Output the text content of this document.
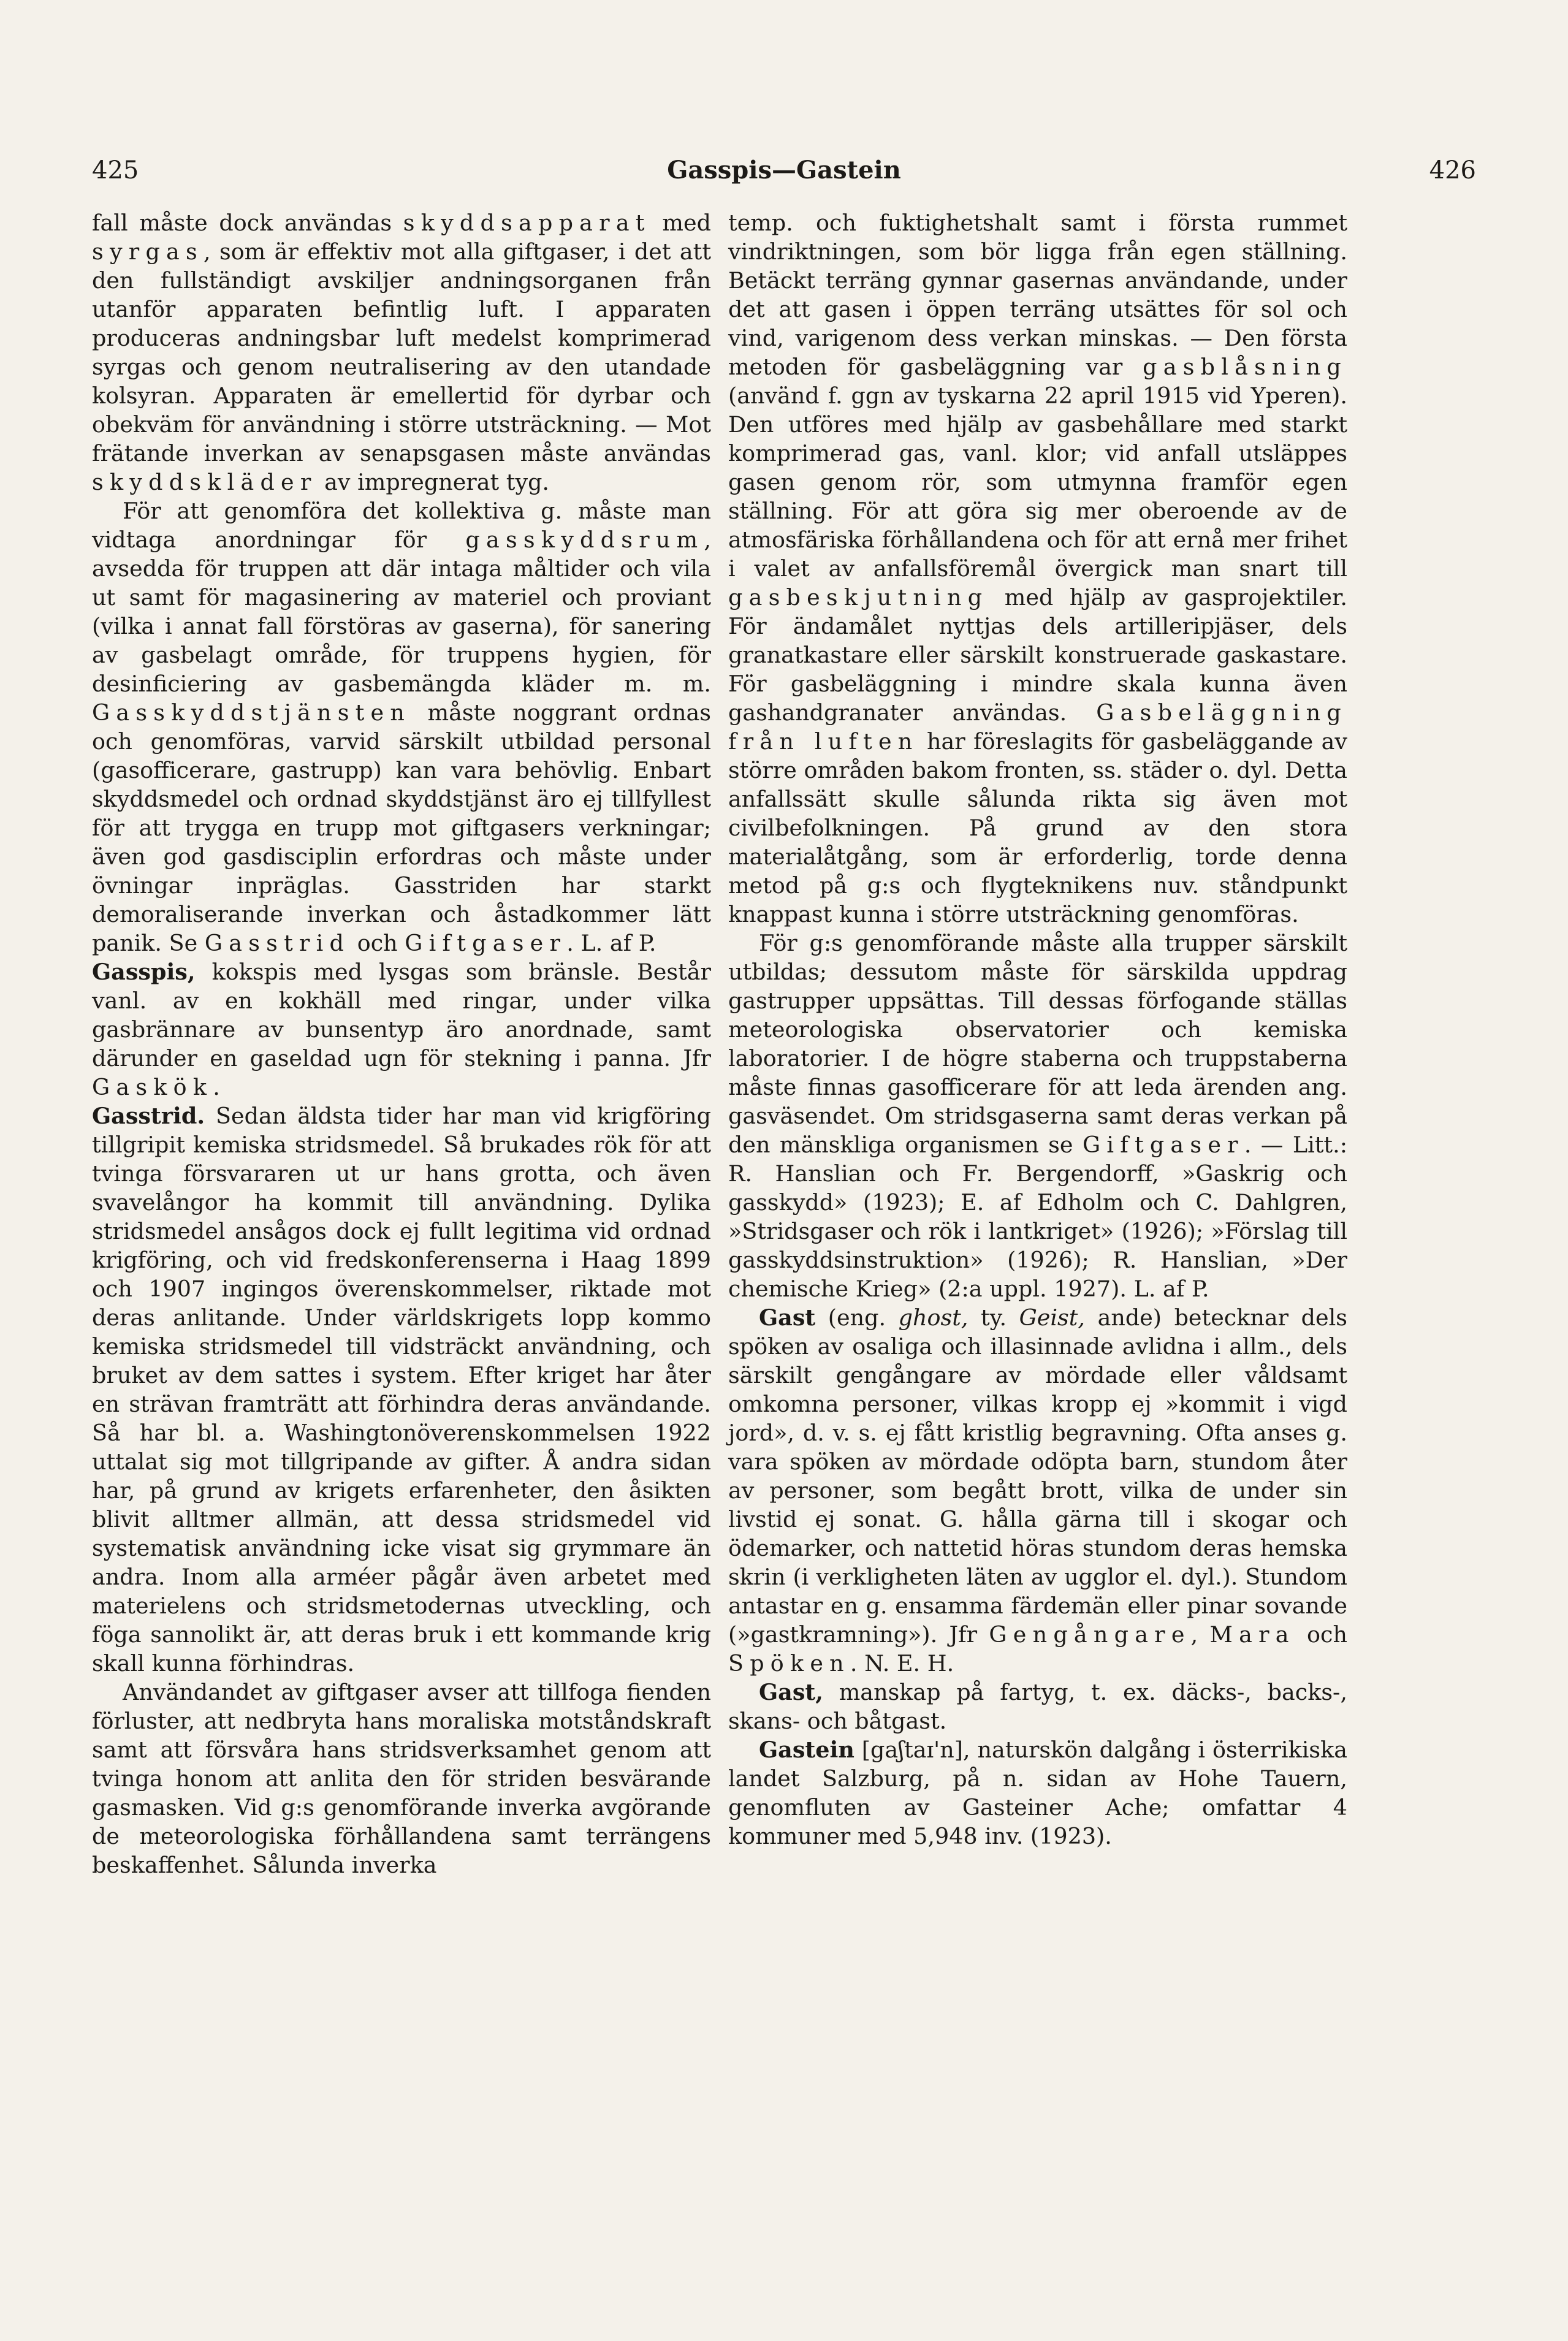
425	Gasspis—Gastein	426

fall måste dock användas skyddsapparat med syrgas, som är effektiv mot alla giftgaser, i det att den fullständigt avskiljer andningsorganen från utanför apparaten befintlig luft. I apparaten produceras andningsbar luft medelst komprimerad syrgas och genom neutralisering av den utandade kolsyran. Apparaten är emellertid för dyrbar och obekväm för användning i större utsträckning. — Mot frätande inverkan av senapsgasen måste användas skyddskläder av impregnerat tyg.

För att genomföra det kollektiva g. måste man vidtaga anordningar för gasskyddsrum, avsedda för truppen att där intaga måltider och vila ut samt för magasinering av materiel och proviant (vilka i annat fall förstöras av gaserna), för sanering av gasbelagt område, för truppens hygien, för desinficiering av gasbemängda kläder m. m. Gasskyddstjänsten måste noggrant ordnas och genomföras, varvid särskilt utbildad personal (gasofficerare, gastrupp) kan vara behövlig. Enbart skyddsmedel och ordnad skyddstjänst äro ej tillfyllest för att trygga en trupp mot giftgasers verkningar; även god gasdisciplin erfordras och måste under övningar inpräglas. Gasstriden har starkt demoraliserande inverkan och åstadkommer lätt panik. Se Gasstrid och Giftgaser. L. af P.

Gasspis, kokspis med lysgas som bränsle. Består vanl. av en kokhäll med ringar, under vilka gasbrännare av bunsentyp äro anordnade, samt därunder en gaseldad ugn för stekning i panna. Jfr Gaskök.

Gasstrid. Sedan äldsta tider har man vid krigföring tillgripit kemiska stridsmedel. Så brukades rök för att tvinga försvararen ut ur hans grotta, och även svavelångor ha kommit till användning. Dylika stridsmedel ansågos dock ej fullt legitima vid ordnad krigföring, och vid fredskonferenserna i Haag 1899 och 1907 ingingos överenskommelser, riktade mot deras anlitande. Under världskrigets lopp kommo kemiska stridsmedel till vidsträckt användning, och bruket av dem sattes i system. Efter kriget har åter en strävan framträtt att förhindra deras användande. Så har bl. a. Washingtonöverenskommelsen 1922 uttalat sig mot tillgripande av gifter. Å andra sidan har, på grund av krigets erfarenheter, den åsikten blivit alltmer allmän, att dessa stridsmedel vid systematisk användning icke visat sig grymmare än andra. Inom alla arméer pågår även arbetet med materielens och stridsmetodernas utveckling, och föga sannolikt är, att deras bruk i ett kommande krig skall kunna förhindras.

Användandet av giftgaser avser att tillfoga fienden förluster, att nedbryta hans moraliska motståndskraft samt att försvåra hans stridsverksamhet genom att tvinga honom att anlita den för striden besvärande gasmasken. Vid g:s genomförande inverka avgörande de meteorologiska förhållandena samt terrängens beskaffenhet. Sålunda inverka

temp. och fuktighetshalt samt i första rummet vindriktningen, som bör ligga från egen ställning. Betäckt terräng gynnar gasernas användande, under det att gasen i öppen terräng utsättes för sol och vind, varigenom dess verkan minskas. — Den första metoden för gasbeläggning var gasblåsning (använd f. ggn av tyskarna 22 april 1915 vid Yperen). Den utföres med hjälp av gasbehållare med starkt komprimerad gas, vanl. klor; vid anfall utsläppes gasen genom rör, som utmynna framför egen ställning. För att göra sig mer oberoende av de atmosfäriska förhållandena och för att ernå mer frihet i valet av anfallsföremål övergick man snart till gasbeskjutning med hjälp av gasprojektiler. För ändamålet nyttjas dels artilleripjäser, dels granatkastare eller särskilt konstruerade gaskastare. För gasbeläggning i mindre skala kunna även gashandgranater användas. Gasbeläggning från luften har föreslagits för gasbeläggande av större områden bakom fronten, ss. städer o. dyl. Detta anfallssätt skulle sålunda rikta sig även mot civilbefolkningen. På grund av den stora materialåtgång, som är erforderlig, torde denna metod på g:s och flygteknikens nuv. ståndpunkt knappast kunna i större utsträckning genomföras.

För g:s genomförande måste alla trupper särskilt utbildas; dessutom måste för särskilda uppdrag gastrupper uppsättas. Till dessas förfogande ställas meteorologiska observatorier och kemiska laboratorier. I de högre staberna och truppstaberna måste finnas gasofficerare för att leda ärenden ang. gasväsendet. Om stridsgaserna samt deras verkan på den mänskliga organismen se Giftgaser. — Litt.: R. Hanslian och Fr. Bergendorff, »Gaskrig och gasskydd» (1923); E. af Edholm och C. Dahlgren, »Stridsgaser och rök i lantkriget» (1926); »Förslag till gasskyddsinstruktion» (1926); R. Hanslian, »Der chemische Krieg» (2:a uppl. 1927). L. af P.

Gast (eng. ghost, ty. Geist, ande) betecknar dels spöken av osaliga och illasinnade avlidna i allm., dels särskilt gengångare av mördade eller våldsamt omkomna personer, vilkas kropp ej »kommit i vigd jord», d. v. s. ej fått kristlig begravning. Ofta anses g. vara spöken av mördade odöpta barn, stundom åter av personer, som begått brott, vilka de under sin livstid ej sonat. G. hålla gärna till i skogar och ödemarker, och nattetid höras stundom deras hemska skrin (i verkligheten läten av ugglor el. dyl.). Stundom antastar en g. ensamma färdemän eller pinar sovande (»gastkramning»). Jfr Gengångare, Mara och Spöken. N. E. H.

Gast, manskap på fartyg, t. ex. däcks-, backs-, skans- och båtgast.

Gastein [gaʃtaɪ'n], naturskön dalgång i österrikiska landet Salzburg, på n. sidan av Hohe Tauern, genomfluten av Gasteiner Ache; omfattar 4 kommuner med 5,948 inv. (1923).
